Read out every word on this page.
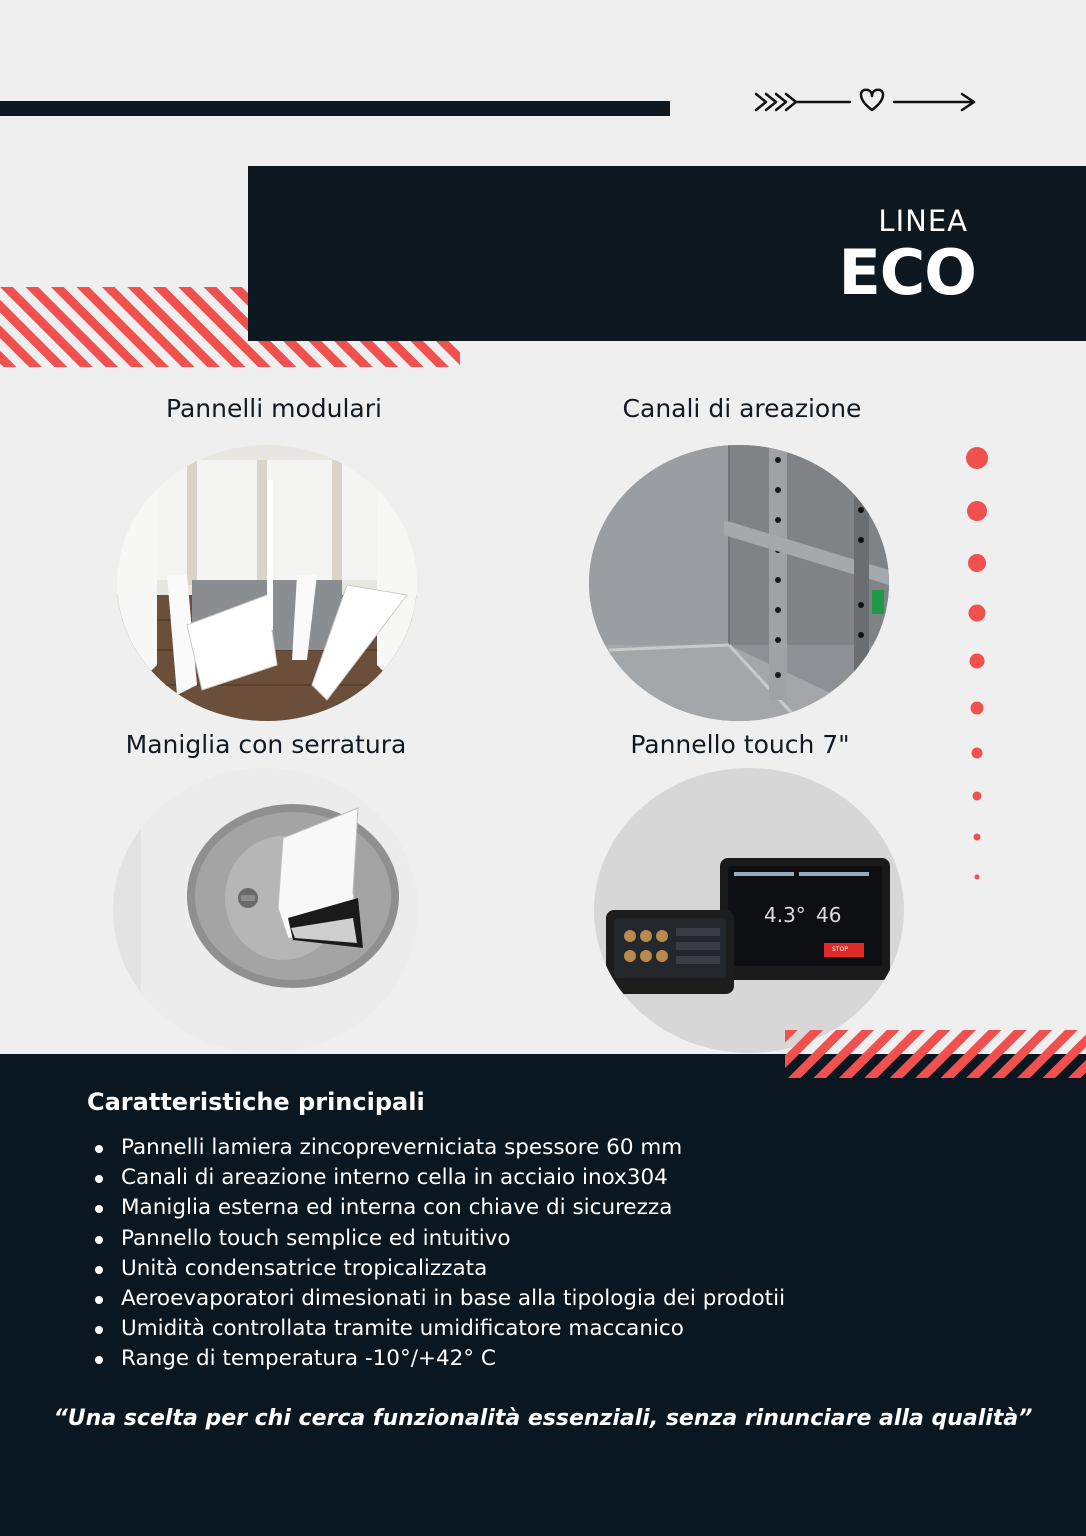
LINEA
ECO
Pannelli modulari	Canali di areazione
Maniglia con serratura	Pannello touch 7"
4.3° 46
STOP
Caratteristiche principali
Pannelli lamiera zincopreverniciata spessore 60 mm
Canali di areazione interno cella in acciaio inox304
Maniglia esterna ed interna con chiave di sicurezza
Pannello touch semplice ed intuitivo
Unità condensatrice tropicalizzata
Aeroevaporatori dimesionati in base alla tipologia dei prodotii
Umidità controllata tramite umidificatore maccanico
Range di temperatura -10°/+42° C
“Una scelta per chi cerca funzionalità essenziali, senza rinunciare alla qualità”
